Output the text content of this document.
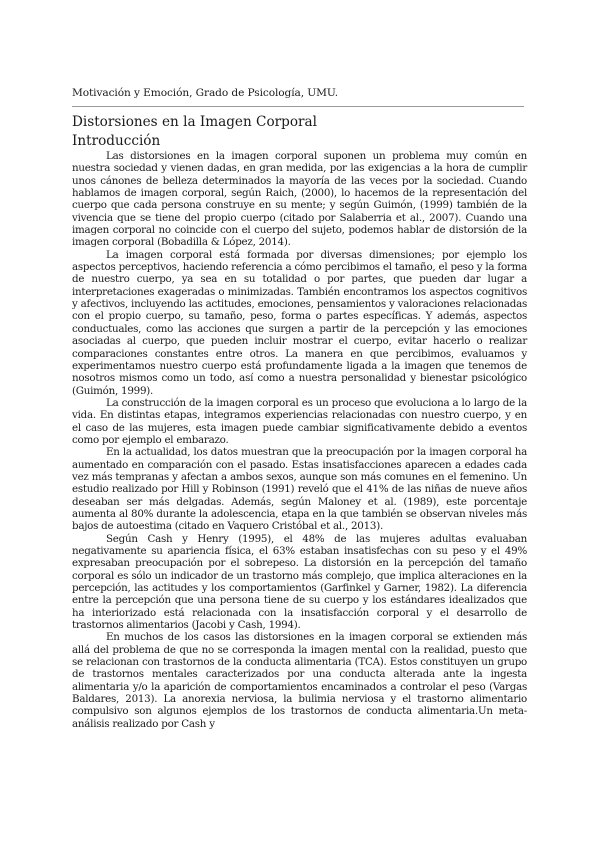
Motivación y Emoción, Grado de Psicología, UMU.
Distorsiones en la Imagen Corporal
Introducción

Las distorsiones en la imagen corporal suponen un problema muy común en nuestra sociedad y vienen dadas, en gran medida, por las exigencias a la hora de cumplir unos cánones de belleza determinados la mayoría de las veces por la sociedad. Cuando hablamos de imagen corporal, según Raich, (2000), lo hacemos de la representación del cuerpo que cada persona construye en su mente; y según Guimón, (1999) también de la vivencia que se tiene del propio cuerpo (citado por Salaberria et al., 2007). Cuando una imagen corporal no coincide con el cuerpo del sujeto, podemos hablar de distorsión de la imagen corporal (Bobadilla & López, 2014).

La imagen corporal está formada por diversas dimensiones; por ejemplo los aspectos perceptivos, haciendo referencia a cómo percibimos el tamaño, el peso y la forma de nuestro cuerpo, ya sea en su totalidad o por partes, que pueden dar lugar a interpretaciones exageradas o minimizadas. También encontramos los aspectos cognitivos y afectivos, incluyendo las actitudes, emociones, pensamientos y valoraciones relacionadas con el propio cuerpo, su tamaño, peso, forma o partes específicas. Y además, aspectos conductuales, como las acciones que surgen a partir de la percepción y las emociones asociadas al cuerpo, que pueden incluir mostrar el cuerpo, evitar hacerlo o realizar comparaciones constantes entre otros. La manera en que percibimos, evaluamos y experimentamos nuestro cuerpo está profundamente ligada a la imagen que tenemos de nosotros mismos como un todo, así como a nuestra personalidad y bienestar psicológico (Guimón, 1999).

La construcción de la imagen corporal es un proceso que evoluciona a lo largo de la vida. En distintas etapas, integramos experiencias relacionadas con nuestro cuerpo, y en el caso de las mujeres, esta imagen puede cambiar significativamente debido a eventos como por ejemplo el embarazo.

En la actualidad, los datos muestran que la preocupación por la imagen corporal ha aumentado en comparación con el pasado. Estas insatisfacciones aparecen a edades cada vez más tempranas y afectan a ambos sexos, aunque son más comunes en el femenino. Un estudio realizado por Hill y Robinson (1991) reveló que el 41% de las niñas de nueve años deseaban ser más delgadas. Además, según Maloney et al. (1989), este porcentaje aumenta al 80% durante la adolescencia, etapa en la que también se observan niveles más bajos de autoestima (citado en Vaquero Cristóbal et al., 2013).

Según Cash y Henry (1995), el 48% de las mujeres adultas evaluaban negativamente su apariencia física, el 63% estaban insatisfechas con su peso y el 49% expresaban preocupación por el sobrepeso. La distorsión en la percepción del tamaño corporal es sólo un indicador de un trastorno más complejo, que implica alteraciones en la percepción, las actitudes y los comportamientos (Garfinkel y Garner, 1982). La diferencia entre la percepción que una persona tiene de su cuerpo y los estándares idealizados que ha interiorizado está relacionada con la insatisfacción corporal y el desarrollo de trastornos alimentarios (Jacobi y Cash, 1994).

En muchos de los casos las distorsiones en la imagen corporal se extienden más allá del problema de que no se corresponda la imagen mental con la realidad, puesto que se relacionan con trastornos de la conducta alimentaria (TCA). Estos constituyen un grupo de trastornos mentales caracterizados por una conducta alterada ante la ingesta alimentaria y/o la aparición de comportamientos encaminados a controlar el peso (Vargas Baldares, 2013). La anorexia nerviosa, la bulimia nerviosa y el trastorno alimentario compulsivo son algunos ejemplos de los trastornos de conducta alimentaria.Un meta-análisis realizado por Cash y
